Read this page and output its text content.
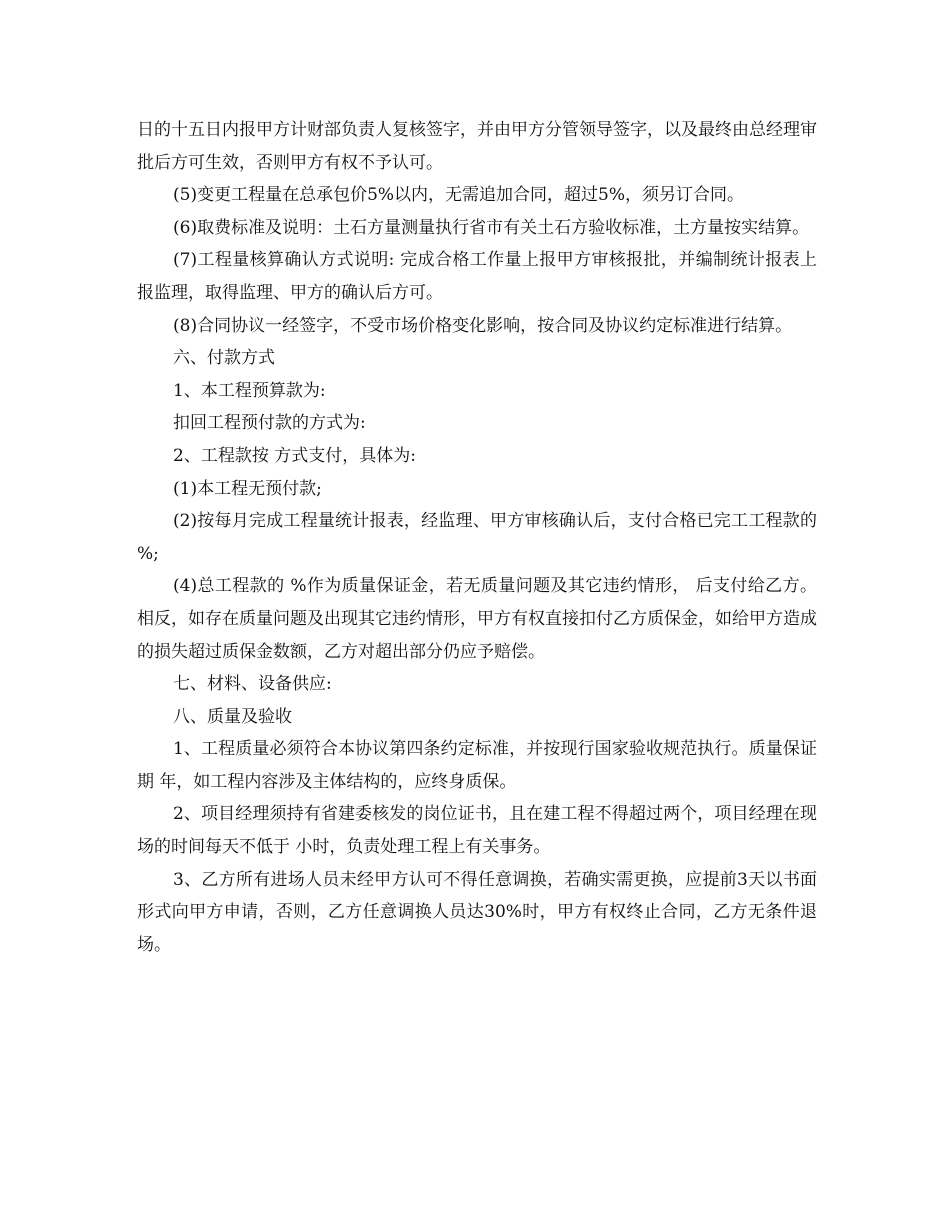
日的十五日内报甲方计财部负责人复核签字，并由甲方分管领导签字，以及最终由总经理审批后方可生效，否则甲方有权不予认可。

(5)变更工程量在总承包价5%以内，无需追加合同，超过5%，须另订合同。

(6)取费标准及说明：土石方量测量执行省市有关土石方验收标准，土方量按实结算。

(7)工程量核算确认方式说明: 完成合格工作量上报甲方审核报批，并编制统计报表上报监理，取得监理、甲方的确认后方可。

(8)合同协议一经签字，不受市场价格变化影响，按合同及协议约定标准进行结算。

六、付款方式

1、本工程预算款为:

扣回工程预付款的方式为:

2、工程款按 方式支付，具体为:

(1)本工程无预付款;

(2)按每月完成工程量统计报表，经监理、甲方审核确认后，支付合格已完工工程款的 %;

(4)总工程款的 %作为质量保证金，若无质量问题及其它违约情形， 后支付给乙方。相反，如存在质量问题及出现其它违约情形，甲方有权直接扣付乙方质保金，如给甲方造成的损失超过质保金数额，乙方对超出部分仍应予赔偿。

七、材料、设备供应:

八、质量及验收

1、工程质量必须符合本协议第四条约定标准，并按现行国家验收规范执行。质量保证期 年，如工程内容涉及主体结构的，应终身质保。

2、项目经理须持有省建委核发的岗位证书，且在建工程不得超过两个，项目经理在现场的时间每天不低于 小时，负责处理工程上有关事务。

3、乙方所有进场人员未经甲方认可不得任意调换，若确实需更换，应提前3天以书面形式向甲方申请，否则，乙方任意调换人员达30%时，甲方有权终止合同，乙方无条件退场。
